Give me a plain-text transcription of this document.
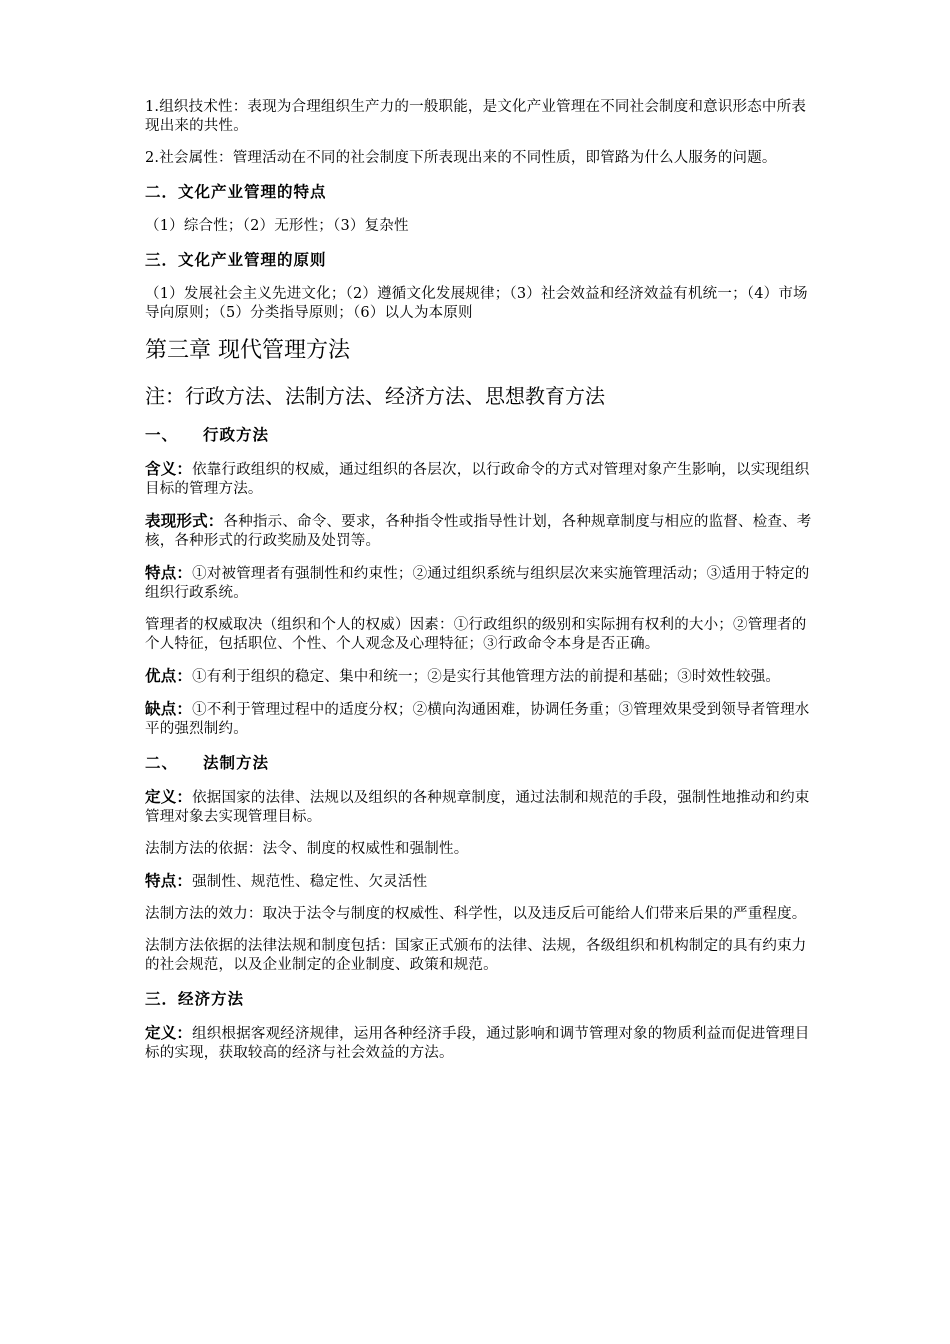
1.组织技术性：表现为合理组织生产力的一般职能，是文化产业管理在不同社会制度和意识形态中所表现出来的共性。

2.社会属性：管理活动在不同的社会制度下所表现出来的不同性质，即管路为什么人服务的问题。

二．文化产业管理的特点

（1）综合性；（2）无形性；（3）复杂性

三．文化产业管理的原则

（1）发展社会主义先进文化；（2）遵循文化发展规律；（3）社会效益和经济效益有机统一；（4）市场导向原则；（5）分类指导原则；（6）以人为本原则

第三章 现代管理方法
注：行政方法、法制方法、经济方法、思想教育方法
一、 行政方法

含义：依靠行政组织的权威，通过组织的各层次，以行政命令的方式对管理对象产生影响，以实现组织目标的管理方法。

表现形式：各种指示、命令、要求，各种指令性或指导性计划，各种规章制度与相应的监督、检查、考核，各种形式的行政奖励及处罚等。

特点：①对被管理者有强制性和约束性；②通过组织系统与组织层次来实施管理活动；③适用于特定的组织行政系统。

管理者的权威取决（组织和个人的权威）因素：①行政组织的级别和实际拥有权利的大小；②管理者的个人特征，包括职位、个性、个人观念及心理特征；③行政命令本身是否正确。

优点：①有利于组织的稳定、集中和统一；②是实行其他管理方法的前提和基础；③时效性较强。

缺点：①不利于管理过程中的适度分权；②横向沟通困难，协调任务重；③管理效果受到领导者管理水平的强烈制约。

二、 法制方法

定义：依据国家的法律、法规以及组织的各种规章制度，通过法制和规范的手段，强制性地推动和约束管理对象去实现管理目标。

法制方法的依据：法令、制度的权威性和强制性。

特点：强制性、规范性、稳定性、欠灵活性

法制方法的效力：取决于法令与制度的权威性、科学性，以及违反后可能给人们带来后果的严重程度。

法制方法依据的法律法规和制度包括：国家正式颁布的法律、法规，各级组织和机构制定的具有约束力的社会规范，以及企业制定的企业制度、政策和规范。

三．经济方法

定义：组织根据客观经济规律，运用各种经济手段，通过影响和调节管理对象的物质利益而促进管理目标的实现，获取较高的经济与社会效益的方法。
